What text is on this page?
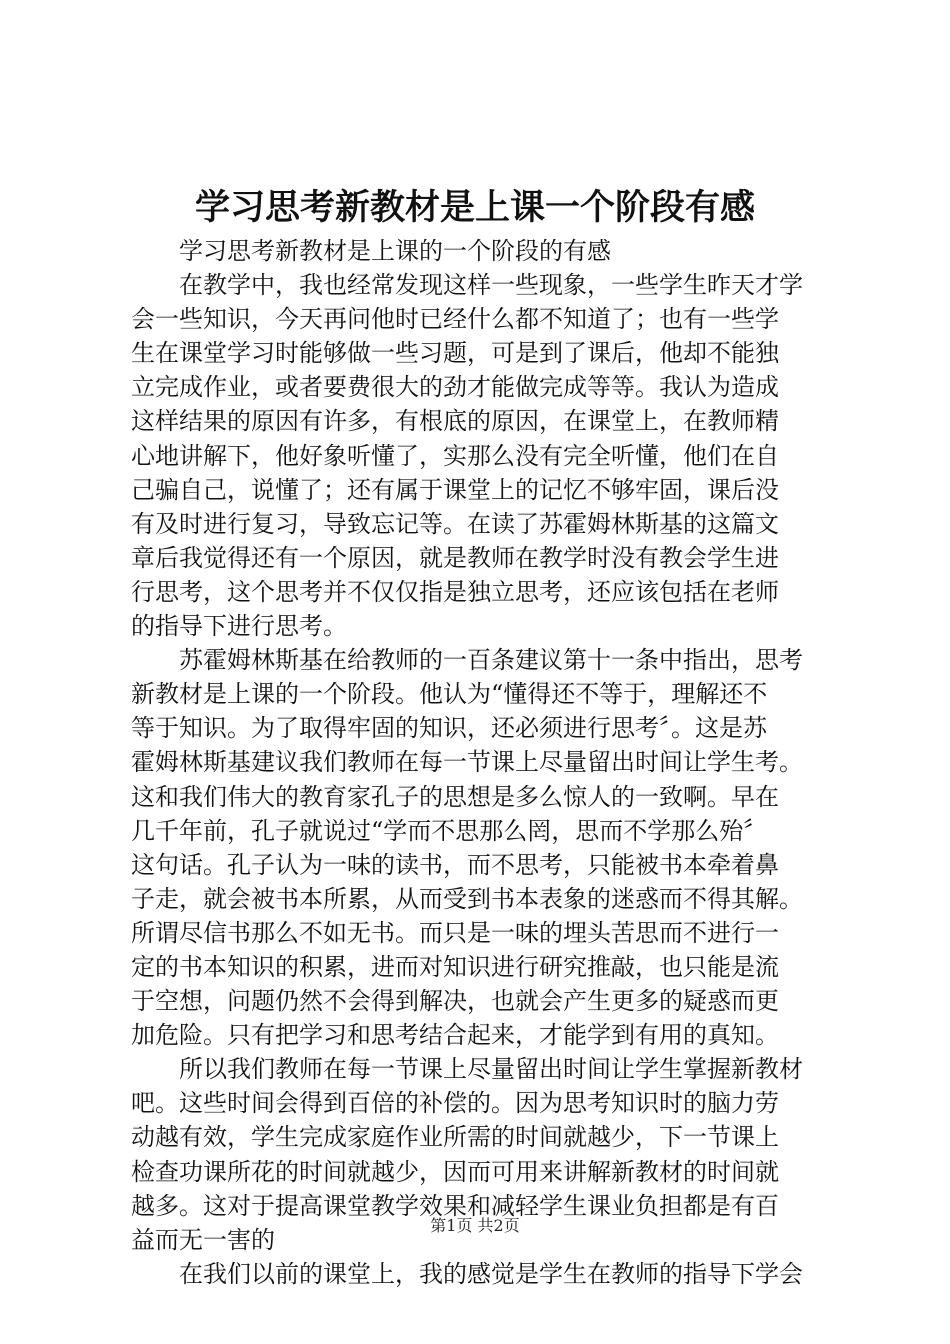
学习思考新教材是上课一个阶段有感
学习思考新教材是上课的一个阶段的有感
在教学中，我也经常发现这样一些现象，一些学生昨天才学
会一些知识，今天再问他时已经什么都不知道了；也有一些学
生在课堂学习时能够做一些习题，可是到了课后，他却不能独
立完成作业，或者要费很大的劲才能做完成等等。我认为造成
这样结果的原因有许多，有根底的原因，在课堂上，在教师精
心地讲解下，他好象听懂了，实那么没有完全听懂，他们在自
己骗自己，说懂了；还有属于课堂上的记忆不够牢固，课后没
有及时进行复习，导致忘记等。在读了苏霍姆林斯基的这篇文
章后我觉得还有一个原因，就是教师在教学时没有教会学生进
行思考，这个思考并不仅仅指是独立思考，还应该包括在老师
的指导下进行思考。
苏霍姆林斯基在给教师的一百条建议第十一条中指出，思考
新教材是上课的一个阶段。他认为“懂得还不等于，理解还不
等于知识。为了取得牢固的知识，还必须进行思考〞。这是苏
霍姆林斯基建议我们教师在每一节课上尽量留出时间让学生考。
这和我们伟大的教育家孔子的思想是多么惊人的一致啊。早在
几千年前，孔子就说过“学而不思那么罔，思而不学那么殆〞
这句话。孔子认为一味的读书，而不思考，只能被书本牵着鼻
子走，就会被书本所累，从而受到书本表象的迷惑而不得其解。
所谓尽信书那么不如无书。而只是一味的埋头苦思而不进行一
定的书本知识的积累，进而对知识进行研究推敲，也只能是流
于空想，问题仍然不会得到解决，也就会产生更多的疑惑而更
加危险。只有把学习和思考结合起来，才能学到有用的真知。
所以我们教师在每一节课上尽量留出时间让学生掌握新教材
吧。这些时间会得到百倍的补偿的。因为思考知识时的脑力劳
动越有效，学生完成家庭作业所需的时间就越少，下一节课上
检查功课所花的时间就越少，因而可用来讲解新教材的时间就
越多。这对于提高课堂教学效果和减轻学生课业负担都是有百
益而无一害的
在我们以前的课堂上，我的感觉是学生在教师的指导下学会
第1页 共2页
